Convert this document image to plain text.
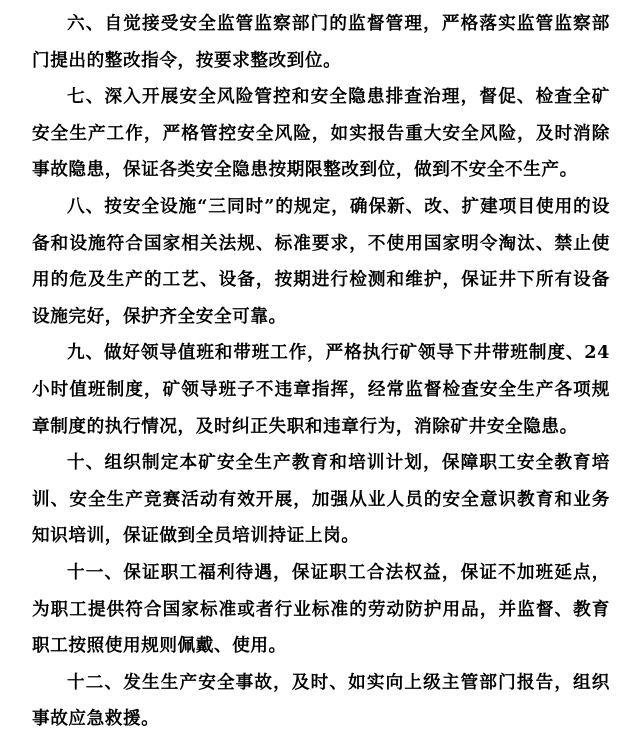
六、自觉接受安全监管监察部门的监督管理，严格落实监管监察部门提出的整改指令，按要求整改到位。

七、深入开展安全风险管控和安全隐患排查治理，督促、检查全矿安全生产工作，严格管控安全风险，如实报告重大安全风险，及时消除事故隐患，保证各类安全隐患按期限整改到位，做到不安全不生产。

八、按安全设施“三同时”的规定，确保新、改、扩建项目使用的设备和设施符合国家相关法规、标准要求，不使用国家明令淘汰、禁止使用的危及生产的工艺、设备，按期进行检测和维护，保证井下所有设备设施完好，保护齐全安全可靠。

九、做好领导值班和带班工作，严格执行矿领导下井带班制度、24 小时值班制度，矿领导班子不违章指挥，经常监督检查安全生产各项规章制度的执行情况，及时纠正失职和违章行为，消除矿井安全隐患。

十、组织制定本矿安全生产教育和培训计划，保障职工安全教育培训、安全生产竞赛活动有效开展，加强从业人员的安全意识教育和业务知识培训，保证做到全员培训持证上岗。

十一、保证职工福利待遇，保证职工合法权益，保证不加班延点，为职工提供符合国家标准或者行业标准的劳动防护用品，并监督、教育职工按照使用规则佩戴、使用。

十二、发生生产安全事故，及时、如实向上级主管部门报告，组织事故应急救援。
